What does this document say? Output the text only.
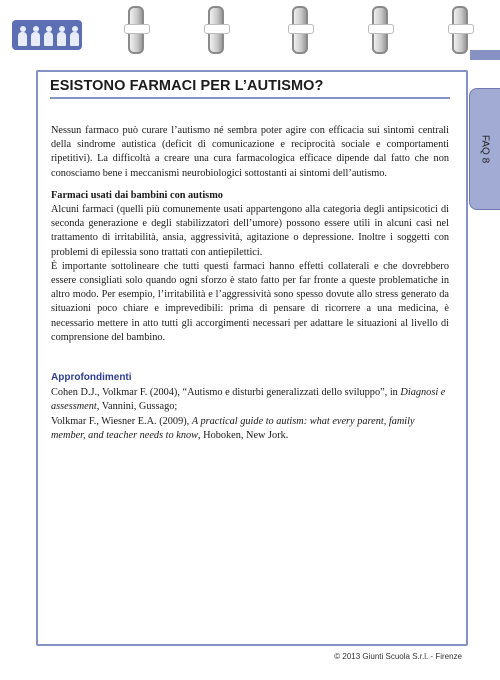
FAQ 8
ESISTONO FARMACI PER L’AUTISMO?

Nessun farmaco può curare l’autismo né sembra poter agire con efficacia sui sintomi centrali della sindrome autistica (deficit di comunicazione e reciprocità sociale e comportamenti ripetitivi). La difficoltà a creare una cura farmacologica efficace dipende dal fatto che non conosciamo bene i meccanismi neurobiologici sottostanti ai sintomi dell’autismo.

Farmaci usati dai bambini con autismo

Alcuni farmaci (quelli più comunemente usati appartengono alla categoria degli antipsicotici di seconda generazione e degli stabilizzatori dell’umore) possono essere utili in alcuni casi nel trattamento di irritabilità, ansia, aggressività, agitazione o depressione. Inoltre i soggetti con problemi di epilessia sono trattati con antiepilettici.

È importante sottolineare che tutti questi farmaci hanno effetti collaterali e che dovrebbero essere consigliati solo quando ogni sforzo è stato fatto per far fronte a queste problematiche in altro modo. Per esempio, l’irritabilità e l’aggressività sono spesso dovute allo stress generato da situazioni poco chiare e imprevedibili: prima di pensare di ricorrere a una medicina, è necessario mettere in atto tutti gli accorgimenti necessari per adattare le situazioni al livello di comprensione del bambino.

Approfondimenti

Cohen D.J., Volkmar F. (2004), “Autismo e disturbi generalizzati dello sviluppo”, in Diagnosi e assessment, Vannini, Gussago;

Volkmar F., Wiesner E.A. (2009), A practical guide to autism: what every parent, family member, and teacher needs to know, Hoboken, New Jork.

© 2013 Giunti Scuola S.r.l. - Firenze
